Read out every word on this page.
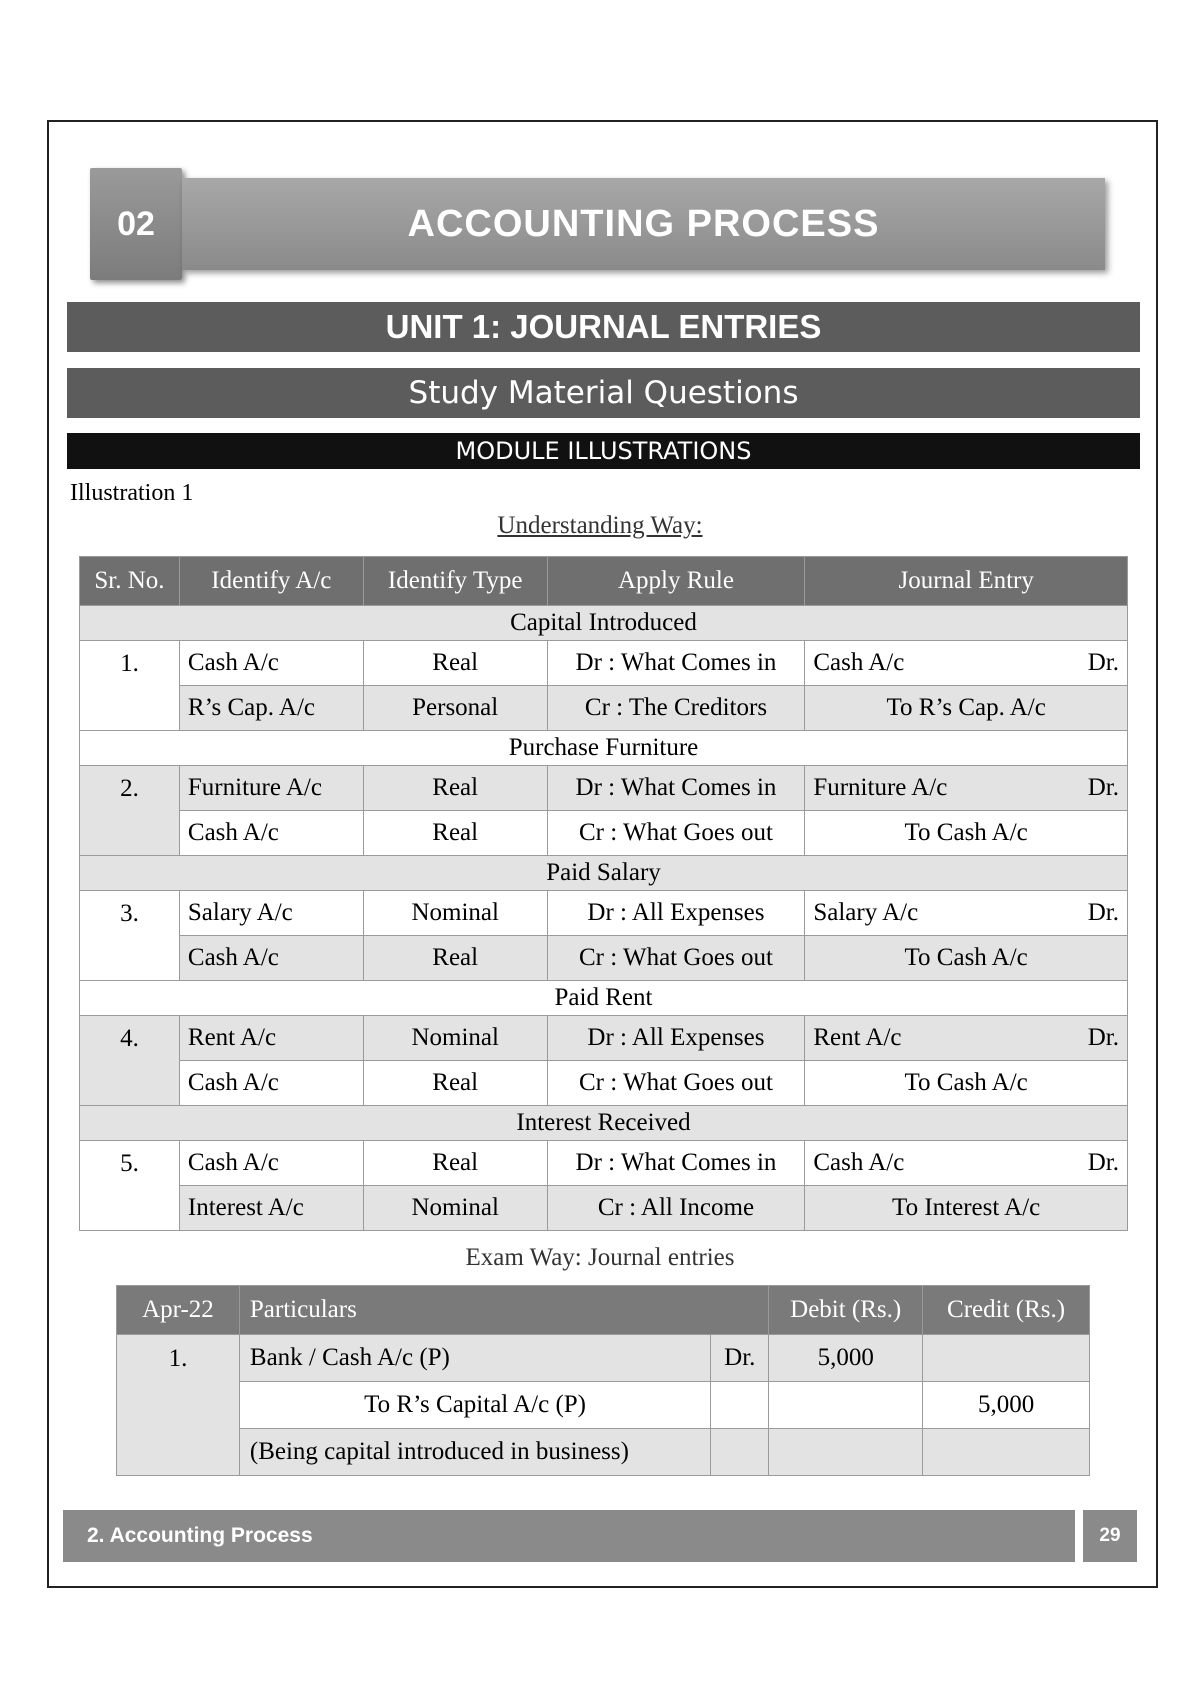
02	ACCOUNTING PROCESS
UNIT 1: JOURNAL ENTRIES
Study Material Questions
MODULE ILLUSTRATIONS
Illustration 1
Understanding Way:
Sr. No.	Identify A/c	Identify Type	Apply Rule	Journal Entry
Capital Introduced				
1.	Cash A/c	Real	Dr : What Comes in	Cash A/c Dr.

	R’s Cap. A/c	Personal	Cr : The Creditors	To R’s Cap. A/c
Purchase Furniture				
2.	Furniture A/c	Real	Dr : What Comes in	Furniture A/c Dr.

	Cash A/c	Real	Cr : What Goes out	To Cash A/c
Paid Salary				
3.	Salary A/c	Nominal	Dr : All Expenses	Salary A/c Dr.

	Cash A/c	Real	Cr : What Goes out	To Cash A/c
Paid Rent				
4.	Rent A/c	Nominal	Dr : All Expenses	Rent A/c Dr.

	Cash A/c	Real	Cr : What Goes out	To Cash A/c
Interest Received				
5.	Cash A/c	Real	Dr : What Comes in	Cash A/c Dr.

	Interest A/c	Nominal	Cr : All Income	To Interest A/c
Exam Way: Journal entries
Apr-22	Particulars		Debit (Rs.)	Credit (Rs.)
1.	Bank / Cash A/c (P)	Dr.	5,000	
	To R’s Capital A/c (P)			5,000
	(Being capital introduced in business)			
2. Accounting Process	29
